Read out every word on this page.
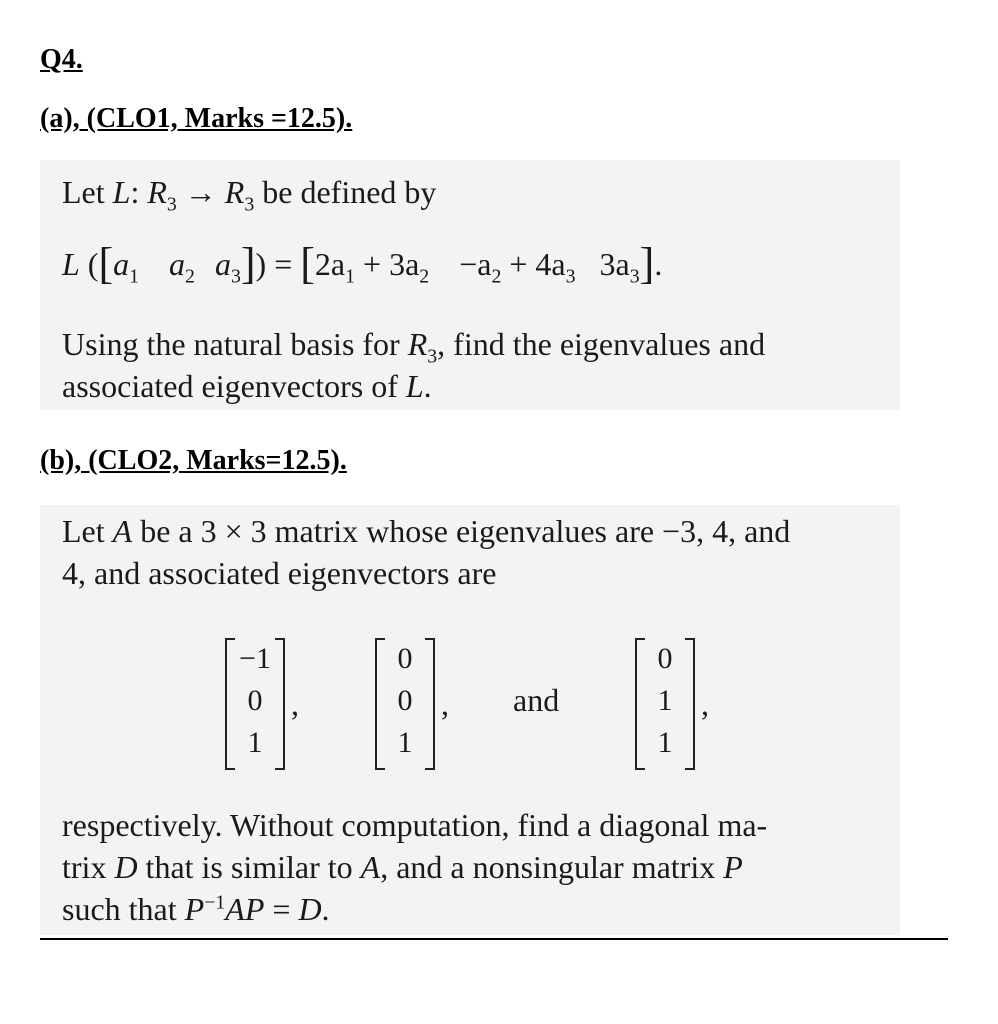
Q4.
(a), (CLO1, Marks =12.5).
Let L: $R_3 \to R_3$ be defined by
L ([$a_1$ $a_2$ $a_3]) = [2a_1 + 3a_2 -a_2 + 4a_3$ $3a_3$].
Using the natural basis for $R_3$, find the eigenvalues and
associated eigenvectors of L.
(b), (CLO2, Marks=12.5).
Let A be a 3 × 3 matrix whose eigenvalues are −3, 4, and
4, and associated eigenvectors are
−1
0
1
,
0
0
1
, and
0
1
1
,
respectively. Without computation, find a diagonal ma-
trix D that is similar to A, and a nonsingular matrix P
such that $P^{-1}AP = D$.
